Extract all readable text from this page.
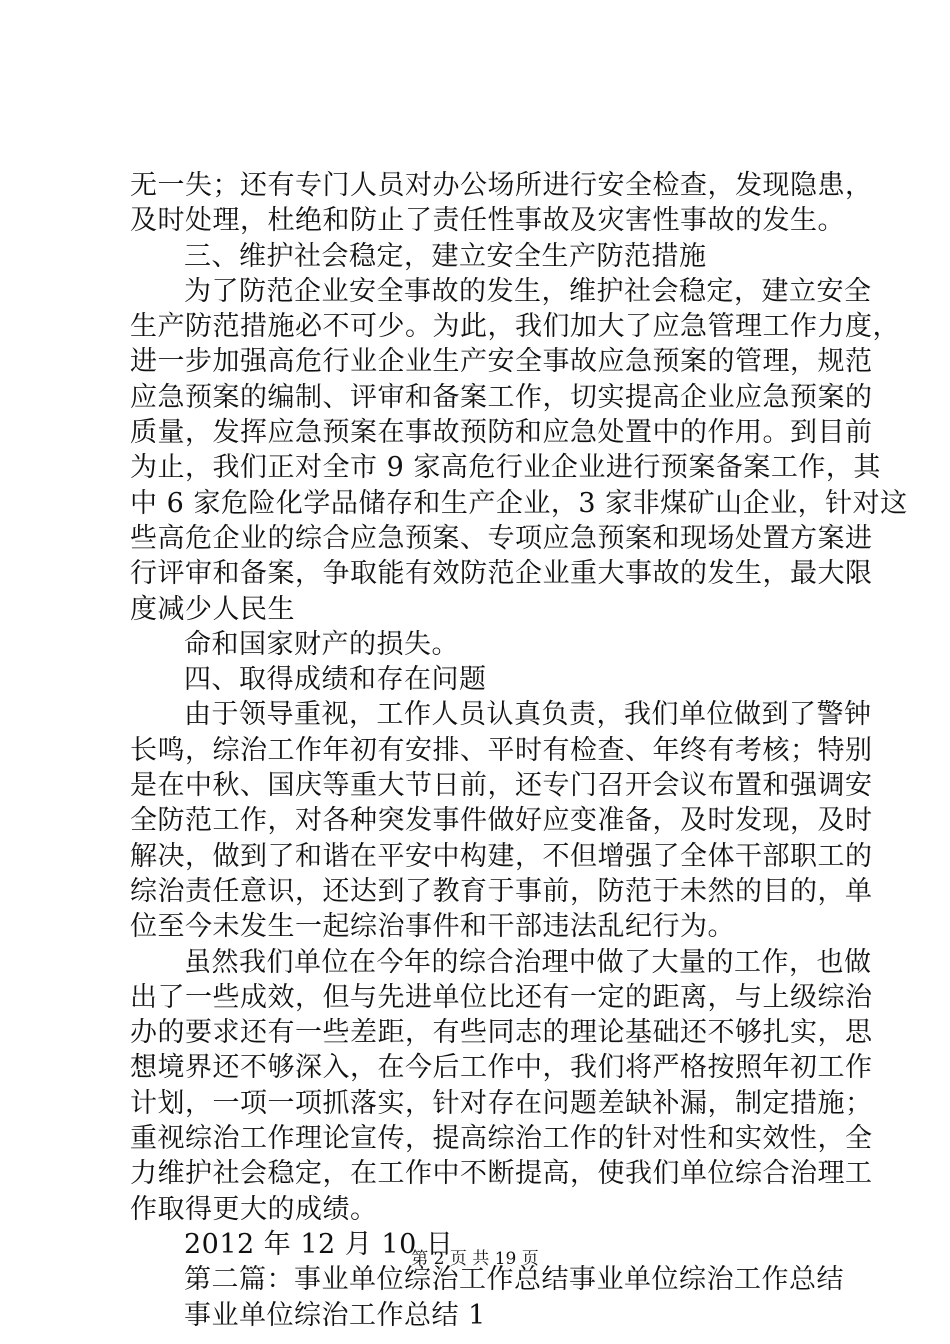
无一失；还有专门人员对办公场所进行安全检查，发现隐患，
及时处理，杜绝和防止了责任性事故及灾害性事故的发生。
三、维护社会稳定，建立安全生产防范措施
为了防范企业安全事故的发生，维护社会稳定，建立安全
生产防范措施必不可少。为此，我们加大了应急管理工作力度，
进一步加强高危行业企业生产安全事故应急预案的管理，规范
应急预案的编制、评审和备案工作，切实提高企业应急预案的
质量，发挥应急预案在事故预防和应急处置中的作用。到目前
为止，我们正对全市 9 家高危行业企业进行预案备案工作，其
中 6 家危险化学品储存和生产企业，3 家非煤矿山企业，针对这
些高危企业的综合应急预案、专项应急预案和现场处置方案进
行评审和备案，争取能有效防范企业重大事故的发生，最大限
度减少人民生
命和国家财产的损失。
四、取得成绩和存在问题
由于领导重视，工作人员认真负责，我们单位做到了警钟
长鸣，综治工作年初有安排、平时有检查、年终有考核；特别
是在中秋、国庆等重大节日前，还专门召开会议布置和强调安
全防范工作，对各种突发事件做好应变准备，及时发现，及时
解决，做到了和谐在平安中构建，不但增强了全体干部职工的
综治责任意识，还达到了教育于事前，防范于未然的目的，单
位至今未发生一起综治事件和干部违法乱纪行为。
虽然我们单位在今年的综合治理中做了大量的工作，也做
出了一些成效，但与先进单位比还有一定的距离，与上级综治
办的要求还有一些差距，有些同志的理论基础还不够扎实，思
想境界还不够深入，在今后工作中，我们将严格按照年初工作
计划，一项一项抓落实，针对存在问题差缺补漏，制定措施；
重视综治工作理论宣传，提高综治工作的针对性和实效性，全
力维护社会稳定，在工作中不断提高，使我们单位综合治理工
作取得更大的成绩。
2012 年 12 月 10 日
第二篇：事业单位综治工作总结事业单位综治工作总结
事业单位综治工作总结 1
第 2 页 共 19 页
